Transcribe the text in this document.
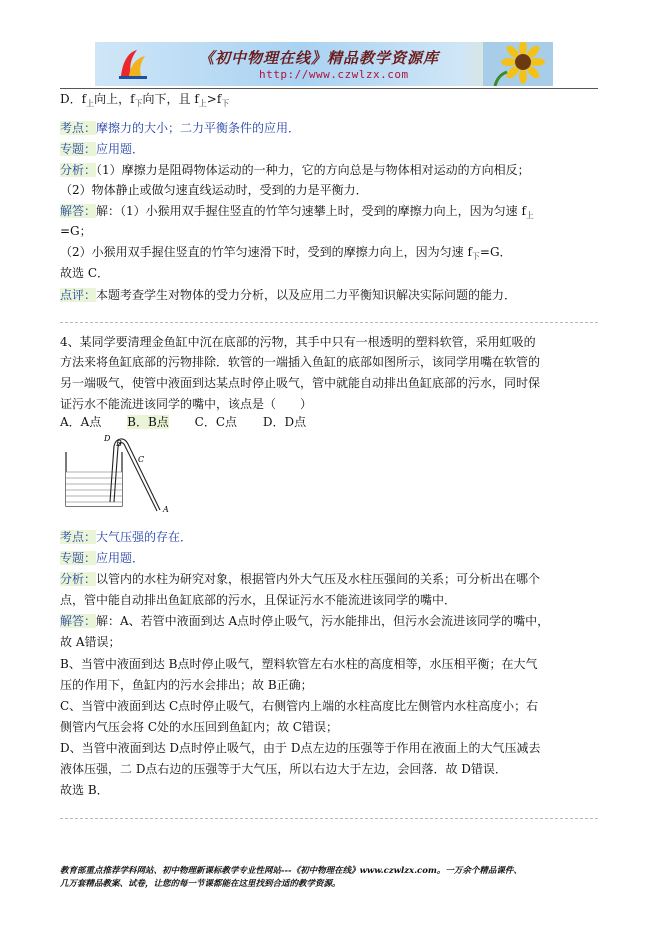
《初中物理在线》精品教学资源库
http://www.czwlzx.com
D．$f_上$向上，$f_下$向下，且 $f_上>f_下$
考点：摩擦力的大小；二力平衡条件的应用．
专题：应用题．
分析：（1）摩擦力是阻碍物体运动的一种力，它的方向总是与物体相对运动的方向相反；
（2）物体静止或做匀速直线运动时，受到的力是平衡力．
解答：解：（1）小猴用双手握住竖直的竹竿匀速攀上时，受到的摩擦力向上，因为匀速 $f_上$
=G；
（2）小猴用双手握住竖直的竹竿匀速滑下时，受到的摩擦力向上，因为匀速 $f_下=G$．
故选 C．
点评：本题考查学生对物体的受力分析，以及应用二力平衡知识解决实际问题的能力．
4、某同学要清理金鱼缸中沉在底部的污物，其手中只有一根透明的塑料软管，采用虹吸的
方法来将鱼缸底部的污物排除．软管的一端插入鱼缸的底部如图所示，该同学用嘴在软管的
另一端吸气，使管中液面到达某点时停止吸气，管中就能自动排出鱼缸底部的污水，同时保
证污水不能流进该同学的嘴中，该点是（　　）
A．A点 B．B点 C．C点 D．D点
D
B
C
A
考点：大气压强的存在．
专题：应用题．
分析：以管内的水柱为研究对象，根据管内外大气压及水柱压强间的关系；可分析出在哪个
点，管中能自动排出鱼缸底部的污水，且保证污水不能流进该同学的嘴中．
解答：解：A、若管中液面到达 A点时停止吸气，污水能排出，但污水会流进该同学的嘴中，
故 A错误；
B、当管中液面到达 B点时停止吸气，塑料软管左右水柱的高度相等，水压相平衡；在大气
压的作用下，鱼缸内的污水会排出；故 B正确；
C、当管中液面到达 C点时停止吸气，右侧管内上端的水柱高度比左侧管内水柱高度小；右
侧管内气压会将 C处的水压回到鱼缸内；故 C错误；
D、当管中液面到达 D点时停止吸气，由于 D点左边的压强等于作用在液面上的大气压减去
液体压强，二 D点右边的压强等于大气压，所以右边大于左边，会回落．故 D错误．
故选 B．
教育部重点推荐学科网站、初中物理新课标教学专业性网站---《初中物理在线》www.czwlzx.com。一万余个精品课件、
几万套精品教案、试卷，让您的每一节课都能在这里找到合适的教学资源。
